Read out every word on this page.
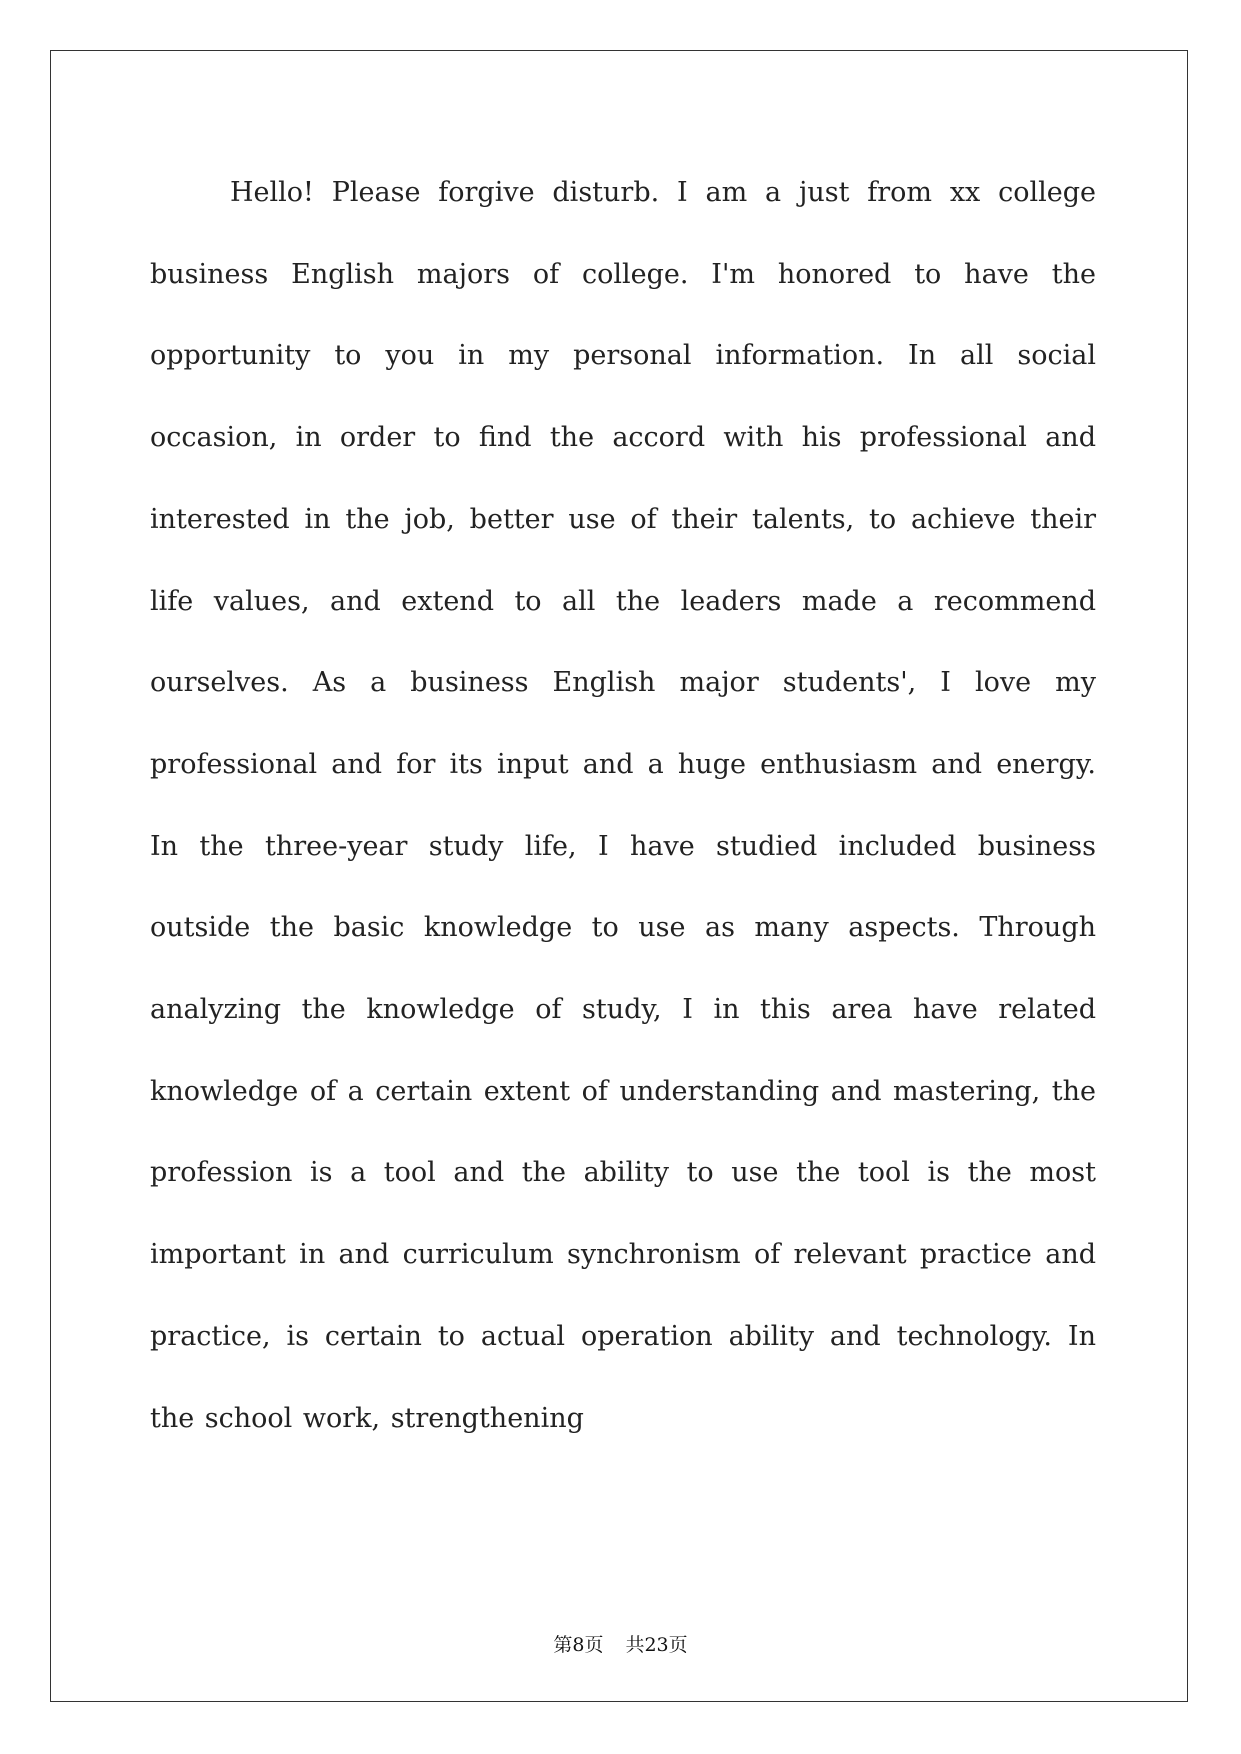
Hello! Please forgive disturb. I am a just from xx college business English majors of college. I'm honored to have the opportunity to you in my personal information. In all social occasion, in order to find the accord with his professional and interested in the job, better use of their talents, to achieve their life values, and extend to all the leaders made a recommend ourselves. As a business English major students', I love my professional and for its input and a huge enthusiasm and energy. In the three-year study life, I have studied included business outside the basic knowledge to use as many aspects. Through analyzing the knowledge of study, I in this area have related knowledge of a certain extent of understanding and mastering, the profession is a tool and the ability to use the tool is the most important in and curriculum synchronism of relevant practice and practice, is certain to actual operation ability and technology. In the school work, strengthening

第8页 共23页
